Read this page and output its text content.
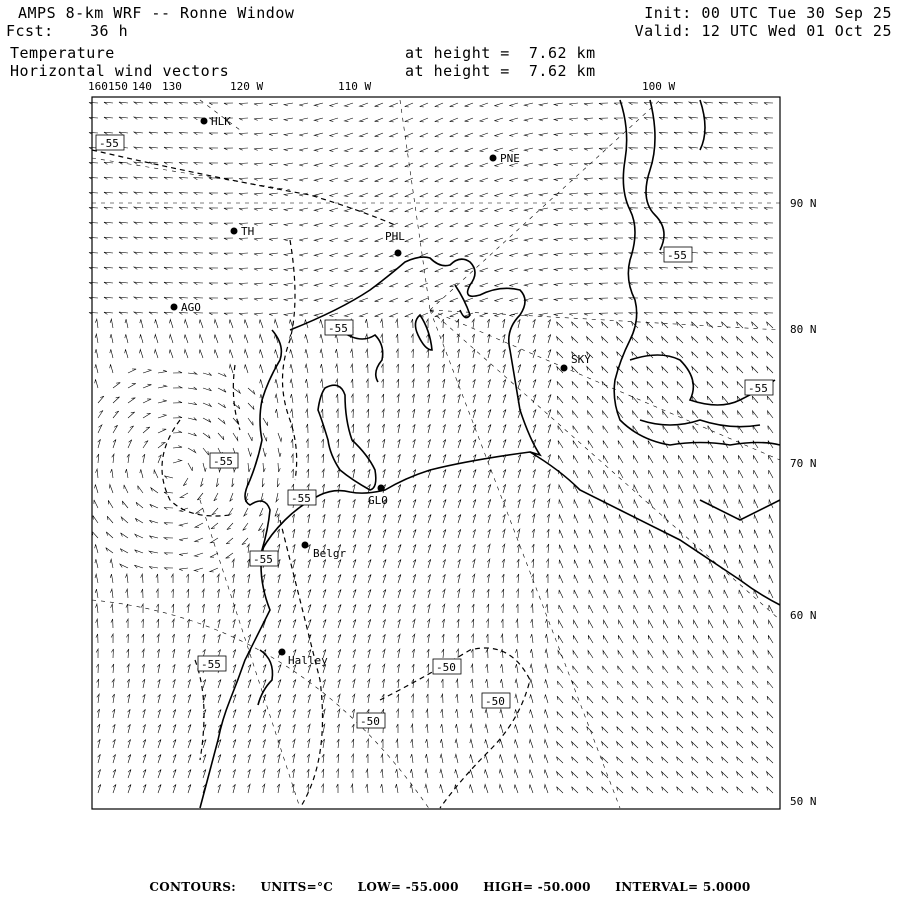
AMPS 8-km WRF -- Ronne Window
Fcst: 36 h
Init: 00 UTC Tue 30 Sep 25
Valid: 12 UTC Wed 01 Oct 25
Temperature
Horizontal wind vectors
at height =  7.62 km
at height =  7.62 km
160 150 140 130	120 W	110 W	100 W
90 N
80 N
70 N
60 N
50 N
HLK
PNE
TH	PHL
AGO
SKY
GLO
Belgr
Halley
-55
-55
-55
-55
-55
-55
-55
-55	-50
-50
-50
CONTOURS: UNITS=°C LOW= -55.000 HIGH= -50.000 INTERVAL= 5.0000
